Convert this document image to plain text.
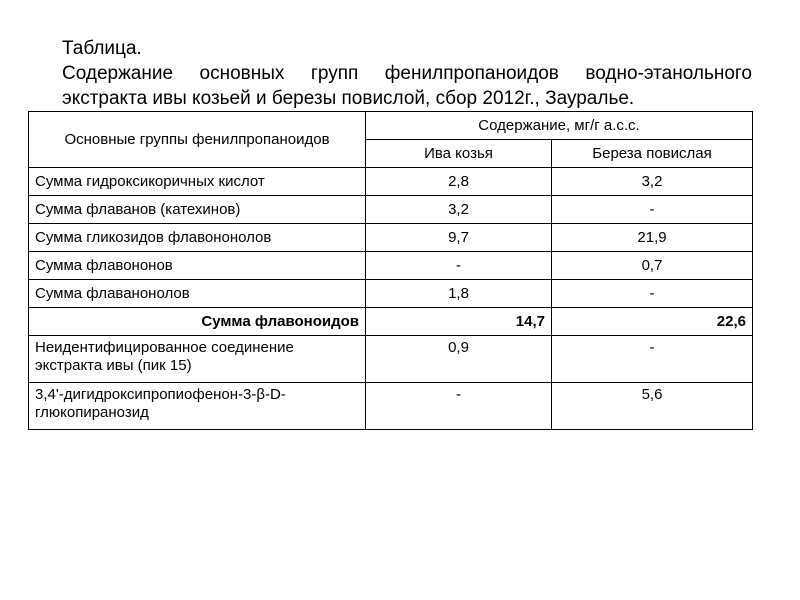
Таблица.
Содержание основных групп фенилпропаноидов водно-этанольного экстракта ивы козьей и березы повислой, сбор 2012г., Зауралье.
Основные группы фенилпропаноидов	Содержание, мг/г а.с.с.	
	Ива козья	Береза повислая
Сумма гидроксикоричных кислот	2,8	3,2
Сумма флаванов (катехинов)	3,2	-
Сумма гликозидов флавононолов	9,7	21,9
Сумма флавононов	-	0,7
Сумма флаванонолов	1,8	-
Сумма флавоноидов	14,7	22,6
Неидентифицированное соединение экстракта ивы (пик 15)	0,9	-
3,4'-дигидроксипропиофенон-3-β-D-глюкопиранозид	-	5,6
